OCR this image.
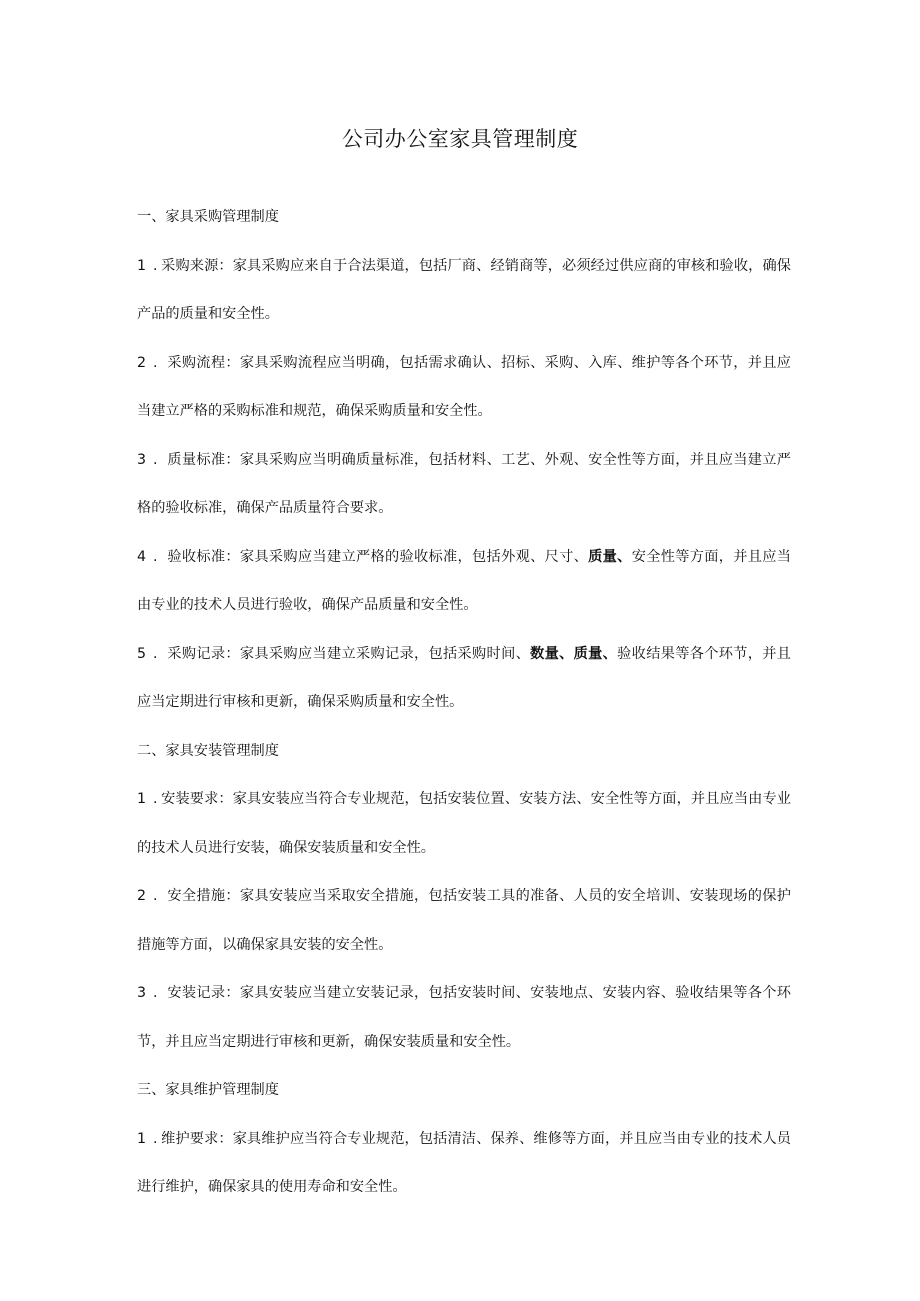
公司办公室家具管理制度
一、家具采购管理制度

1 . 采购来源：家具采购应来自于合法渠道，包括厂商、经销商等，必须经过供应商的审核和验收，确保产品的质量和安全性。

2 . 采购流程：家具采购流程应当明确，包括需求确认、招标、采购、入库、维护等各个环节，并且应当建立严格的采购标准和规范，确保采购质量和安全性。

3 . 质量标准：家具采购应当明确质量标准，包括材料、工艺、外观、安全性等方面，并且应当建立严格的验收标准，确保产品质量符合要求。

4 . 验收标准：家具采购应当建立严格的验收标准，包括外观、尺寸、质量、安全性等方面，并且应当由专业的技术人员进行验收，确保产品质量和安全性。

5 . 采购记录：家具采购应当建立采购记录，包括采购时间、数量、质量、验收结果等各个环节，并且应当定期进行审核和更新，确保采购质量和安全性。

二、家具安装管理制度

1 . 安装要求：家具安装应当符合专业规范，包括安装位置、安装方法、安全性等方面，并且应当由专业的技术人员进行安装，确保安装质量和安全性。

2 . 安全措施：家具安装应当采取安全措施，包括安装工具的准备、人员的安全培训、安装现场的保护措施等方面，以确保家具安装的安全性。

3 . 安装记录：家具安装应当建立安装记录，包括安装时间、安装地点、安装内容、验收结果等各个环节，并且应当定期进行审核和更新，确保安装质量和安全性。

三、家具维护管理制度

1 . 维护要求：家具维护应当符合专业规范，包括清洁、保养、维修等方面，并且应当由专业的技术人员进行维护，确保家具的使用寿命和安全性。
